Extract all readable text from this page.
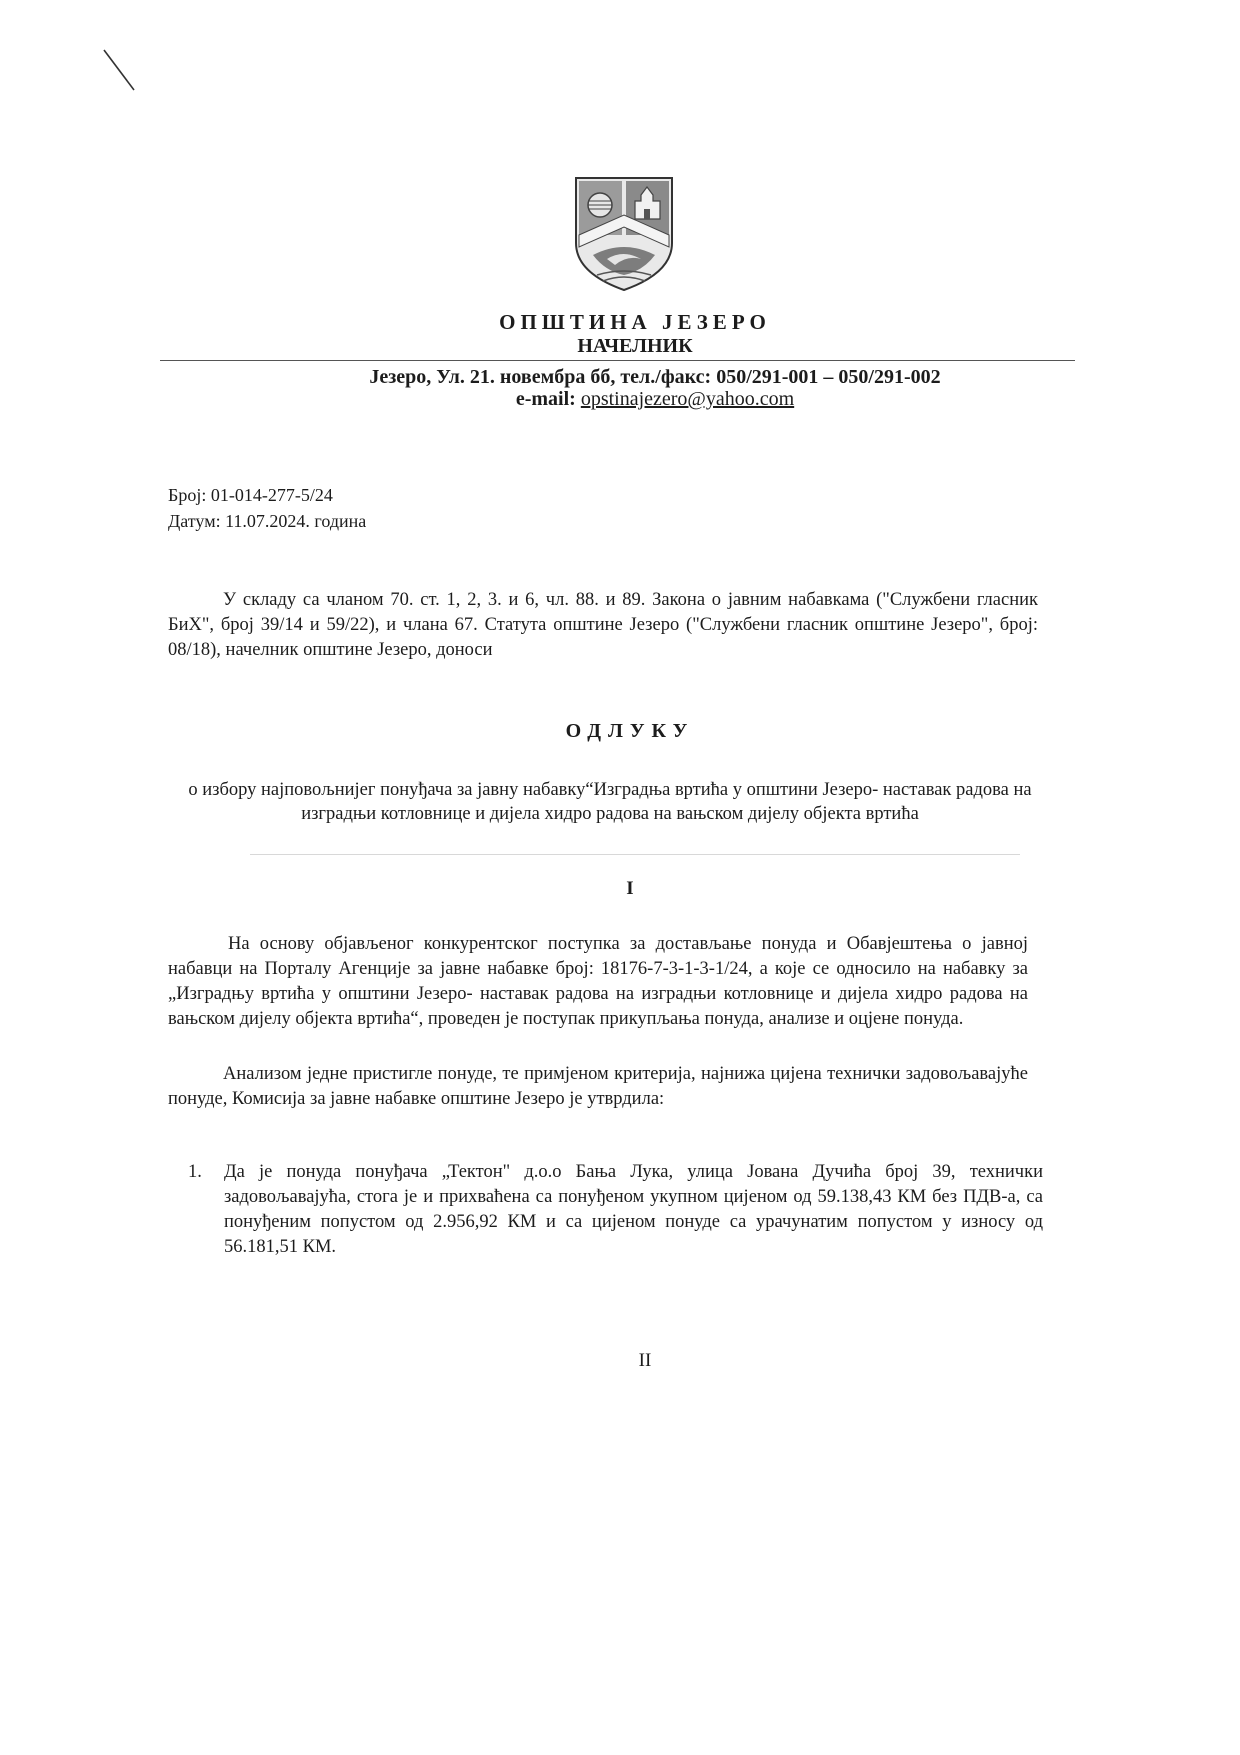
ОПШТИНА ЈЕЗЕРО
НАЧЕЛНИК
Језеро, Ул. 21. новембра бб, тел./факс: 050/291-001 – 050/291-002
e-mail: opstinajezero@yahoo.com
Број: 01-014-277-5/24
Датум: 11.07.2024. година
У складу са чланом 70. ст. 1, 2, 3. и 6, чл. 88. и 89. Закона о јавним набавкама ("Службени гласник БиХ", број 39/14 и 59/22), и члана 67. Статута општине Језеро ("Службени гласник општине Језеро", број: 08/18), начелник општине Језеро, доноси
ОДЛУКУ
о избору најповољнијег понуђача за јавну набавку“Изградња вртића у општини Језеро- наставак радова на изградњи котловнице и дијела хидро радова на вањском дијелу објекта вртића
I
На основу објављеног конкурентског поступка за достављање понуда и Обавјештења о јавној набавци на Порталу Агенције за јавне набавке број: 18176-7-3-1-3-1/24, а које се односило на набавку за „Изградњу вртића у општини Језеро- наставак радова на изградњи котловнице и дијела хидро радова на вањском дијелу објекта вртића“, проведен је поступак прикупљања понуда, анализе и оцјене понуда.
Анализом једне пристигле понуде, те примјеном критерија, најнижа цијена технички задовољавајуће понуде, Комисија за јавне набавке општине Језеро је утврдила:
1. Да је понуда понуђача „Тектон" д.о.о Бања Лука, улица Јована Дучића број 39, технички задовољавајућа, стога је и прихваћена са понуђеном укупном цијеном од 59.138,43 КМ без ПДВ-а, са понуђеним попустом од 2.956,92 КМ и са цијеном понуде са урачунатим попустом у износу од 56.181,51 КМ.
II
